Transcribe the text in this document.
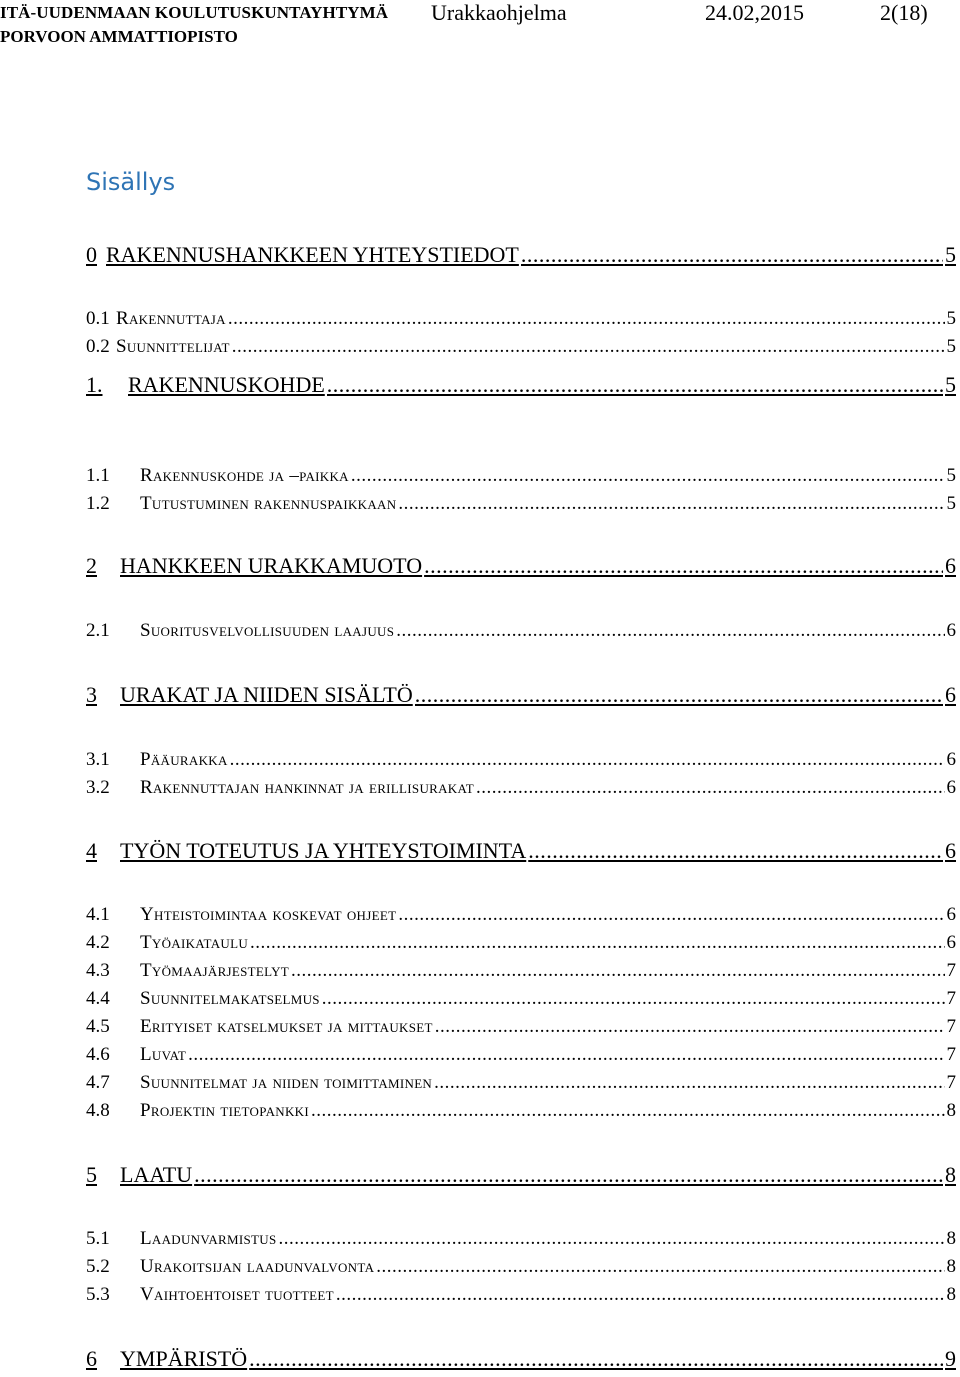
ITÄ-UUDENMAAN KOULUTUSKUNTAYHTYMÄ
PORVOON AMMATTIOPISTO
Urakkaohjelma	24.02,2015	2(18)
Sisällys
0 RAKENNUSHANKKEEN YHTEYSTIEDOT .....	5
0.1 Rakennuttaja .....	5
0.2 Suunnittelijat .....	5
1.	RAKENNUSKOHDE .....	5
1.1	Rakennuskohde ja –paikka .....	5
1.2	Tutustuminen rakennuspaikkaan .....	5
2	HANKKEEN URAKKAMUOTO .....	6
2.1	Suoritusvelvollisuuden laajuus .....	6
3	URAKAT JA NIIDEN SISÄLTÖ .....	6
3.1	Pääurakka .....	6
3.2	Rakennuttajan hankinnat ja erillisurakat .....	6
4	TYÖN TOTEUTUS JA YHTEYSTOIMINTA .....	6
4.1	Yhteistoimintaa koskevat ohjeet .....	6
4.2	Työaikataulu .....	6
4.3	Työmaajärjestelyt .....	7
4.4	Suunnitelmakatselmus .....	7
4.5	Erityiset katselmukset ja mittaukset .....	7
4.6	Luvat .....	7
4.7	Suunnitelmat ja niiden toimittaminen .....	7
4.8	Projektin tietopankki .....	8
5	LAATU .....	8
5.1	Laadunvarmistus .....	8
5.2	Urakoitsijan laadunvalvonta .....	8
5.3	Vaihtoehtoiset tuotteet .....	8
6	YMPÄRISTÖ .....	9
